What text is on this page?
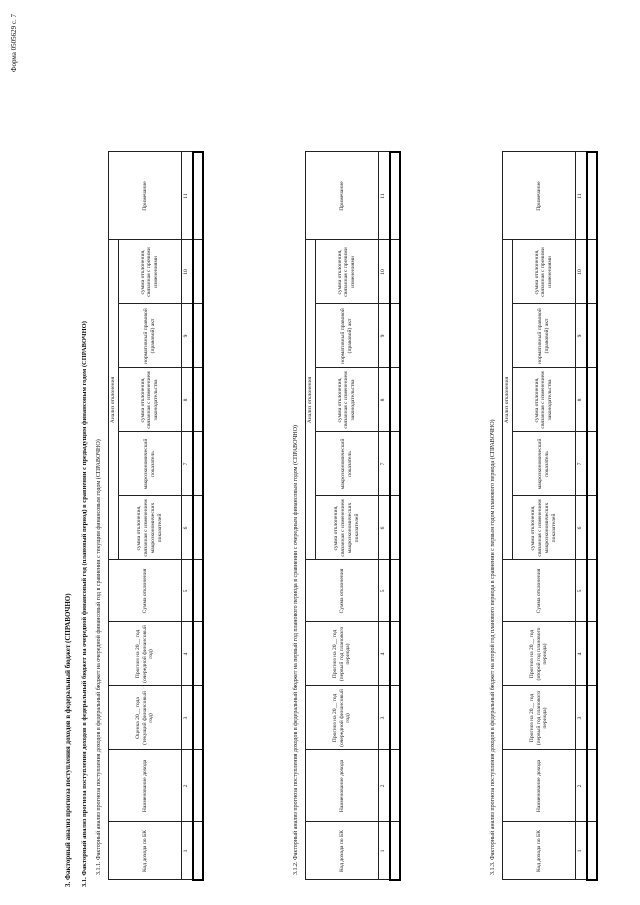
Форма 0505629 с. 7
3. Факторный анализ прогноза поступления доходов в федеральный бюджет (СПРАВОЧНО) 3.1. Факторный анализ прогноза поступления доходов в федеральный бюджет на очередной финансовый год (плановый период) в сравнении с предыдущим финансовым годом (СПРАВОЧНО) 3.1.1. Факторный анализ прогноза поступления доходов в федеральный бюджет на очередной финансовый год в сравнении с текущим финансовым годом (СПРАВОЧНО)	Код дохода по БК	Наименование дохода	Оценка 20__ года (текущий финансовый год)	Прогноз на 20__ год (очередной финансовый год)	Сумма отклонения	Анализ отклонения					Примечание
					сумма отклонения, связанная с изменением макроэкономических показателей	макроэкономический показатель	сумма отклонения, связанная с изменением законодательства	нормативный правовой (правовой) акт	сумма отклонения, связанная с прочими изменениями	
1	2	3	4	5	6	7	8	9	10	11

3.1.2. Факторный анализ прогноза поступления доходов в федеральный бюджет на первый год планового периода в сравнении с очередным финансовым годом (СПРАВОЧНО)	Код дохода по БК	Наименование дохода	Прогноз на 20__ год (очередной финансовый год)	Прогноз на 20__ год (первый год планового периода)	Сумма отклонения	Анализ отклонения					Примечание
					сумма отклонения, связанная с изменением макроэкономических показателей	макроэкономический показатель	сумма отклонения, связанная с изменением законодательства	нормативный правовой (правовой) акт	сумма отклонения, связанная с прочими изменениями	
1	2	3	4	5	6	7	8	9	10	11

3.1.3. Факторный анализ прогноза поступления доходов в федеральный бюджет на второй год планового периода в сравнении с первым годом планового периода (СПРАВОЧНО)	Код дохода по БК	Наименование дохода	Прогноз на 20__ год (первый год планового периода)	Прогноз на 20__ год (второй год планового периода)	Сумма отклонения	Анализ отклонения					Примечание
					сумма отклонения, связанная с изменением макроэкономических показателей	макроэкономический показатель	сумма отклонения, связанная с изменением законодательства	нормативный правовой (правовой) акт	сумма отклонения, связанная с прочими изменениями	
1	2	3	4	5	6	7	8	9	10	11
